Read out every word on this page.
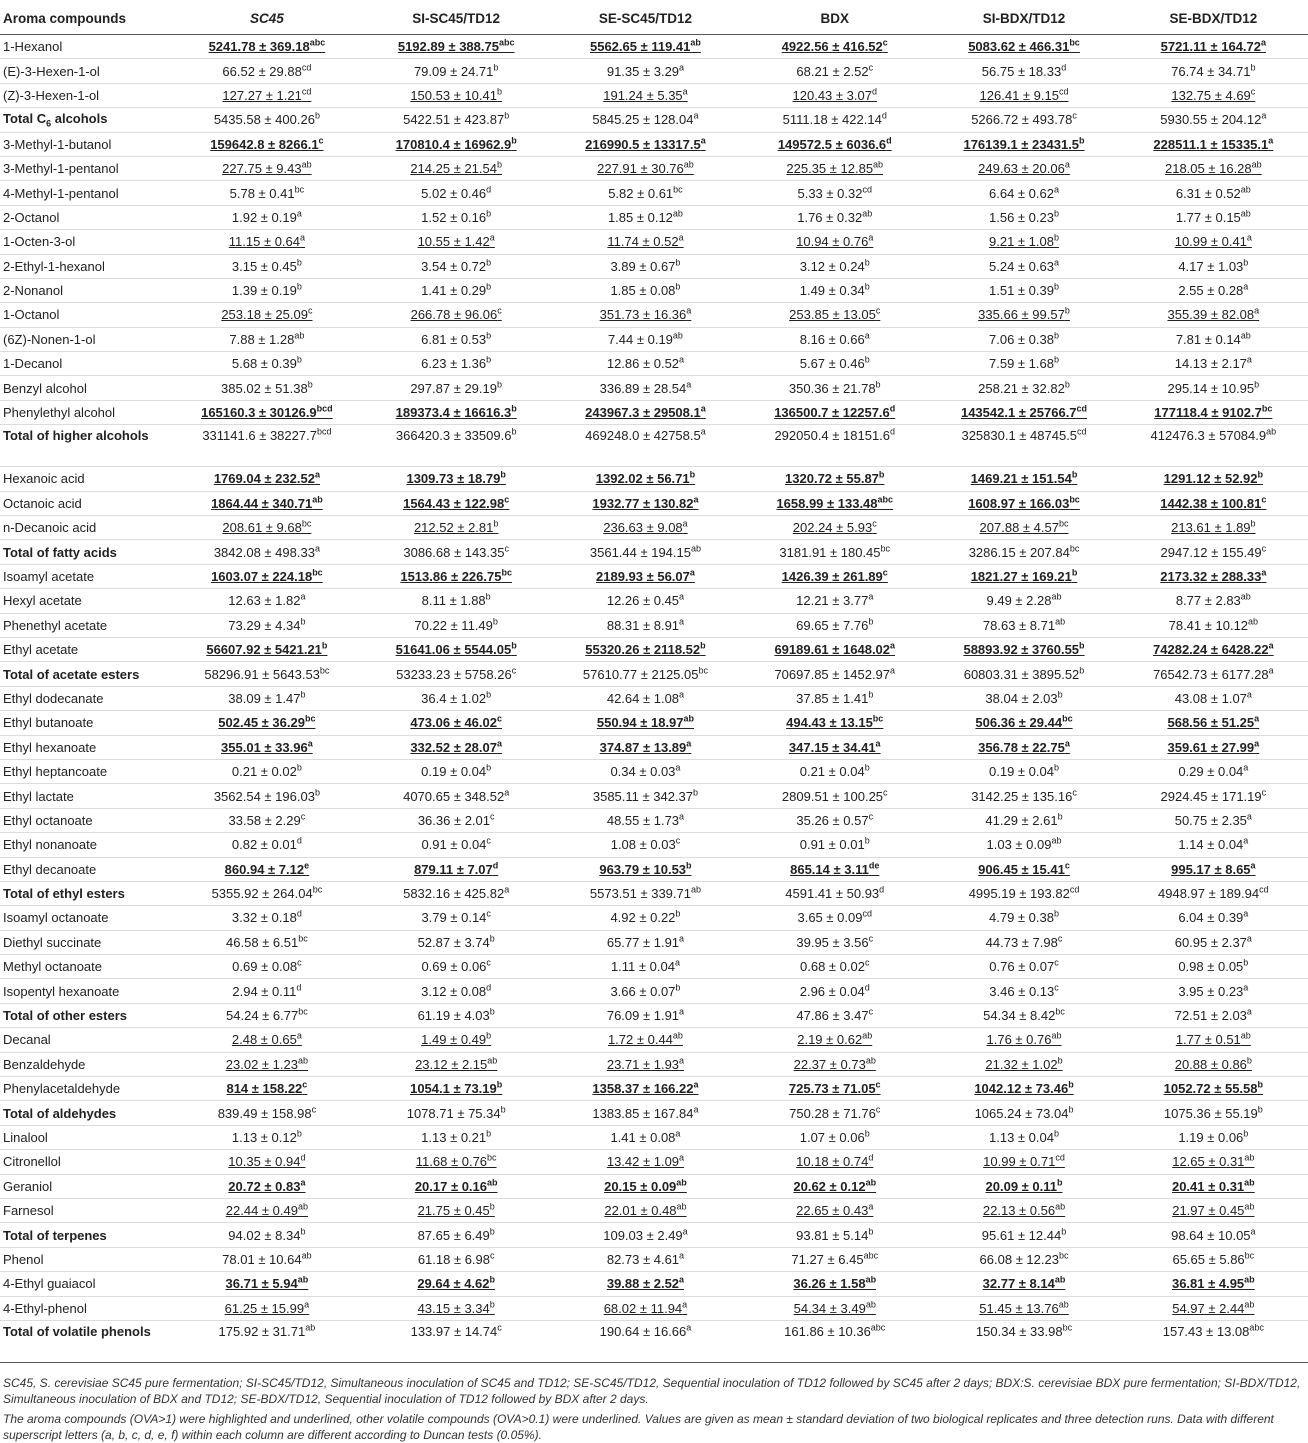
Aroma compounds	SC45	SI-SC45/TD12	SE-SC45/TD12	BDX	SI-BDX/TD12	SE-BDX/TD12
1-Hexanol	5241.78 ± 369.18$^{abc}$	5192.89 ± 388.75$^{abc}$	5562.65 ± 119.41$^{ab}$	4922.56 ± 416.52$^c$	5083.62 ± 466.31$^{bc}$	5721.11 ± 164.72$^a$
(E)-3-Hexen-1-ol	66.52 ± 29.88$^{cd}$	79.09 ± 24.71$^b$	91.35 ± 3.29$^a$	68.21 ± 2.52$^c$	56.75 ± 18.33$^d$	76.74 ± 34.71$^b$
(Z)-3-Hexen-1-ol	127.27 ± 1.21$^{cd}$	150.53 ± 10.41$^b$	191.24 ± 5.35$^a$	120.43 ± 3.07$^d$	126.41 ± 9.15$^{cd}$	132.75 ± 4.69$^c$
Total $C_6$ alcohols	5435.58 ± 400.26$^b$	5422.51 ± 423.87$^b$	5845.25 ± 128.04$^a$	5111.18 ± 422.14$^d$	5266.72 ± 493.78$^c$	5930.55 ± 204.12$^a$
3-Methyl-1-butanol	159642.8 ± 8266.1$^c$	170810.4 ± 16962.9$^b$	216990.5 ± 13317.5$^a$	149572.5 ± 6036.6$^d$	176139.1 ± 23431.5$^b$	228511.1 ± 15335.1$^a$
3-Methyl-1-pentanol	227.75 ± 9.43$^{ab}$	214.25 ± 21.54$^b$	227.91 ± 30.76$^{ab}$	225.35 ± 12.85$^{ab}$	249.63 ± 20.06$^a$	218.05 ± 16.28$^{ab}$
4-Methyl-1-pentanol	5.78 ± 0.41$^{bc}$	5.02 ± 0.46$^d$	5.82 ± 0.61$^{bc}$	5.33 ± 0.32$^{cd}$	6.64 ± 0.62$^a$	6.31 ± 0.52$^{ab}$
2-Octanol	1.92 ± 0.19$^a$	1.52 ± 0.16$^b$	1.85 ± 0.12$^{ab}$	1.76 ± 0.32$^{ab}$	1.56 ± 0.23$^b$	1.77 ± 0.15$^{ab}$
1-Octen-3-ol	11.15 ± 0.64$^a$	10.55 ± 1.42$^a$	11.74 ± 0.52$^a$	10.94 ± 0.76$^a$	9.21 ± 1.08$^b$	10.99 ± 0.41$^a$
2-Ethyl-1-hexanol	3.15 ± 0.45$^b$	3.54 ± 0.72$^b$	3.89 ± 0.67$^b$	3.12 ± 0.24$^b$	5.24 ± 0.63$^a$	4.17 ± 1.03$^b$
2-Nonanol	1.39 ± 0.19$^b$	1.41 ± 0.29$^b$	1.85 ± 0.08$^b$	1.49 ± 0.34$^b$	1.51 ± 0.39$^b$	2.55 ± 0.28$^a$
1-Octanol	253.18 ± 25.09$^c$	266.78 ± 96.06$^c$	351.73 ± 16.36$^a$	253.85 ± 13.05$^c$	335.66 ± 99.57$^b$	355.39 ± 82.08$^a$
(6Z)-Nonen-1-ol	7.88 ± 1.28$^{ab}$	6.81 ± 0.53$^b$	7.44 ± 0.19$^{ab}$	8.16 ± 0.66$^a$	7.06 ± 0.38$^b$	7.81 ± 0.14$^{ab}$
1-Decanol	5.68 ± 0.39$^b$	6.23 ± 1.36$^b$	12.86 ± 0.52$^a$	5.67 ± 0.46$^b$	7.59 ± 1.68$^b$	14.13 ± 2.17$^a$
Benzyl alcohol	385.02 ± 51.38$^b$	297.87 ± 29.19$^b$	336.89 ± 28.54$^a$	350.36 ± 21.78$^b$	258.21 ± 32.82$^b$	295.14 ± 10.95$^b$
Phenylethyl alcohol	165160.3 ± 30126.9$^{bcd}$	189373.4 ± 16616.3$^b$	243967.3 ± 29508.1$^a$	136500.7 ± 12257.6$^d$	143542.1 ± 25766.7$^{cd}$	177118.4 ± 9102.7$^{bc}$
Total of higher alcohols	331141.6 ± 38227.7$^{bcd}$	366420.3 ± 33509.6$^b$	469248.0 ± 42758.5$^a$	292050.4 ± 18151.6$^d$	325830.1 ± 48745.5$^{cd}$	412476.3 ± 57084.9$^{ab}$
Hexanoic acid	1769.04 ± 232.52$^a$	1309.73 ± 18.79$^b$	1392.02 ± 56.71$^b$	1320.72 ± 55.87$^b$	1469.21 ± 151.54$^b$	1291.12 ± 52.92$^b$
Octanoic acid	1864.44 ± 340.71$^{ab}$	1564.43 ± 122.98$^c$	1932.77 ± 130.82$^a$	1658.99 ± 133.48$^{abc}$	1608.97 ± 166.03$^{bc}$	1442.38 ± 100.81$^c$
n-Decanoic acid	208.61 ± 9.68$^{bc}$	212.52 ± 2.81$^b$	236.63 ± 9.08$^a$	202.24 ± 5.93$^c$	207.88 ± 4.57$^{bc}$	213.61 ± 1.89$^b$
Total of fatty acids	3842.08 ± 498.33$^a$	3086.68 ± 143.35$^c$	3561.44 ± 194.15$^{ab}$	3181.91 ± 180.45$^{bc}$	3286.15 ± 207.84$^{bc}$	2947.12 ± 155.49$^c$
Isoamyl acetate	1603.07 ± 224.18$^{bc}$	1513.86 ± 226.75$^{bc}$	2189.93 ± 56.07$^a$	1426.39 ± 261.89$^c$	1821.27 ± 169.21$^b$	2173.32 ± 288.33$^a$
Hexyl acetate	12.63 ± 1.82$^a$	8.11 ± 1.88$^b$	12.26 ± 0.45$^a$	12.21 ± 3.77$^a$	9.49 ± 2.28$^{ab}$	8.77 ± 2.83$^{ab}$
Phenethyl acetate	73.29 ± 4.34$^b$	70.22 ± 11.49$^b$	88.31 ± 8.91$^a$	69.65 ± 7.76$^b$	78.63 ± 8.71$^{ab}$	78.41 ± 10.12$^{ab}$
Ethyl acetate	56607.92 ± 5421.21$^b$	51641.06 ± 5544.05$^b$	55320.26 ± 2118.52$^b$	69189.61 ± 1648.02$^a$	58893.92 ± 3760.55$^b$	74282.24 ± 6428.22$^a$
Total of acetate esters	58296.91 ± 5643.53$^{bc}$	53233.23 ± 5758.26$^c$	57610.77 ± 2125.05$^{bc}$	70697.85 ± 1452.97$^a$	60803.31 ± 3895.52$^b$	76542.73 ± 6177.28$^a$
Ethyl dodecanate	38.09 ± 1.47$^b$	36.4 ± 1.02$^b$	42.64 ± 1.08$^a$	37.85 ± 1.41$^b$	38.04 ± 2.03$^b$	43.08 ± 1.07$^a$
Ethyl butanoate	502.45 ± 36.29$^{bc}$	473.06 ± 46.02$^c$	550.94 ± 18.97$^{ab}$	494.43 ± 13.15$^{bc}$	506.36 ± 29.44$^{bc}$	568.56 ± 51.25$^a$
Ethyl hexanoate	355.01 ± 33.96$^a$	332.52 ± 28.07$^a$	374.87 ± 13.89$^a$	347.15 ± 34.41$^a$	356.78 ± 22.75$^a$	359.61 ± 27.99$^a$
Ethyl heptancoate	0.21 ± 0.02$^b$	0.19 ± 0.04$^b$	0.34 ± 0.03$^a$	0.21 ± 0.04$^b$	0.19 ± 0.04$^b$	0.29 ± 0.04$^a$
Ethyl lactate	3562.54 ± 196.03$^b$	4070.65 ± 348.52$^a$	3585.11 ± 342.37$^b$	2809.51 ± 100.25$^c$	3142.25 ± 135.16$^c$	2924.45 ± 171.19$^c$
Ethyl octanoate	33.58 ± 2.29$^c$	36.36 ± 2.01$^c$	48.55 ± 1.73$^a$	35.26 ± 0.57$^c$	41.29 ± 2.61$^b$	50.75 ± 2.35$^a$
Ethyl nonanoate	0.82 ± 0.01$^d$	0.91 ± 0.04$^c$	1.08 ± 0.03$^c$	0.91 ± 0.01$^b$	1.03 ± 0.09$^{ab}$	1.14 ± 0.04$^a$
Ethyl decanoate	860.94 ± 7.12$^e$	879.11 ± 7.07$^d$	963.79 ± 10.53$^b$	865.14 ± 3.11de	906.45 ± 15.41$^c$	995.17 ± 8.65$^a$
Total of ethyl esters	5355.92 ± 264.04$^{bc}$	5832.16 ± 425.82$^a$	5573.51 ± 339.71$^{ab}$	4591.41 ± 50.93$^d$	4995.19 ± 193.82$^{cd}$	4948.97 ± 189.94$^{cd}$
Isoamyl octanoate	3.32 ± 0.18$^d$	3.79 ± 0.14$^c$	4.92 ± 0.22$^b$	3.65 ± 0.09$^{cd}$	4.79 ± 0.38$^b$	6.04 ± 0.39$^a$
Diethyl succinate	46.58 ± 6.51$^{bc}$	52.87 ± 3.74$^b$	65.77 ± 1.91$^a$	39.95 ± 3.56$^c$	44.73 ± 7.98$^c$	60.95 ± 2.37$^a$
Methyl octanoate	0.69 ± 0.08$^c$	0.69 ± 0.06$^c$	1.11 ± 0.04$^a$	0.68 ± 0.02$^c$	0.76 ± 0.07$^c$	0.98 ± 0.05$^b$
Isopentyl hexanoate	2.94 ± 0.11$^d$	3.12 ± 0.08$^d$	3.66 ± 0.07$^b$	2.96 ± 0.04$^d$	3.46 ± 0.13$^c$	3.95 ± 0.23$^a$
Total of other esters	54.24 ± 6.77$^{bc}$	61.19 ± 4.03$^b$	76.09 ± 1.91$^a$	47.86 ± 3.47$^c$	54.34 ± 8.42$^{bc}$	72.51 ± 2.03$^a$
Decanal	2.48 ± 0.65$^a$	1.49 ± 0.49$^b$	1.72 ± 0.44$^{ab}$	2.19 ± 0.62$^{ab}$	1.76 ± 0.76$^{ab}$	1.77 ± 0.51$^{ab}$
Benzaldehyde	23.02 ± 1.23$^{ab}$	23.12 ± 2.15$^{ab}$	23.71 ± 1.93$^a$	22.37 ± 0.73$^{ab}$	21.32 ± 1.02$^b$	20.88 ± 0.86$^b$
Phenylacetaldehyde	814 ± 158.22$^c$	1054.1 ± 73.19$^b$	1358.37 ± 166.22$^a$	725.73 ± 71.05$^c$	1042.12 ± 73.46$^b$	1052.72 ± 55.58$^b$
Total of aldehydes	839.49 ± 158.98$^c$	1078.71 ± 75.34$^b$	1383.85 ± 167.84$^a$	750.28 ± 71.76$^c$	1065.24 ± 73.04$^b$	1075.36 ± 55.19$^b$
Linalool	1.13 ± 0.12$^b$	1.13 ± 0.21$^b$	1.41 ± 0.08$^a$	1.07 ± 0.06$^b$	1.13 ± 0.04$^b$	1.19 ± 0.06$^b$
Citronellol	10.35 ± 0.94$^d$	11.68 ± 0.76$^{bc}$	13.42 ± 1.09$^a$	10.18 ± 0.74$^d$	10.99 ± 0.71$^{cd}$	12.65 ± 0.31$^{ab}$
Geraniol	20.72 ± 0.83$^a$	20.17 ± 0.16$^{ab}$	20.15 ± 0.09$^{ab}$	20.62 ± 0.12$^{ab}$	20.09 ± 0.11$^b$	20.41 ± 0.31$^{ab}$
Farnesol	22.44 ± 0.49$^{ab}$	21.75 ± 0.45$^b$	22.01 ± 0.48$^{ab}$	22.65 ± 0.43$^a$	22.13 ± 0.56$^{ab}$	21.97 ± 0.45$^{ab}$
Total of terpenes	94.02 ± 8.34$^b$	87.65 ± 6.49$^b$	109.03 ± 2.49$^a$	93.81 ± 5.14$^b$	95.61 ± 12.44$^b$	98.64 ± 10.05$^a$
Phenol	78.01 ± 10.64$^{ab}$	61.18 ± 6.98$^c$	82.73 ± 4.61$^a$	71.27 ± 6.45$^{abc}$	66.08 ± 12.23$^{bc}$	65.65 ± 5.86$^{bc}$
4-Ethyl guaiacol	36.71 ± 5.94$^{ab}$	29.64 ± 4.62$^b$	39.88 ± 2.52$^a$	36.26 ± 1.58$^{ab}$	32.77 ± 8.14$^{ab}$	36.81 ± 4.95$^{ab}$
4-Ethyl-phenol	61.25 ± 15.99$^a$	43.15 ± 3.34$^b$	68.02 ± 11.94$^a$	54.34 ± 3.49$^{ab}$	51.45 ± 13.76$^{ab}$	54.97 ± 2.44$^{ab}$
Total of volatile phenols	175.92 ± 31.71$^{ab}$	133.97 ± 14.74$^c$	190.64 ± 16.66$^a$	161.86 ± 10.36$^{abc}$	150.34 ± 33.98$^{bc}$	157.43 ± 13.08$^{abc}$

SC45, S. cerevisiae SC45 pure fermentation; SI-SC45/TD12, Simultaneous inoculation of SC45 and TD12; SE-SC45/TD12, Sequential inoculation of TD12 followed by SC45 after 2 days; BDX:S. cerevisiae BDX pure fermentation; SI-BDX/TD12, Simultaneous inoculation of BDX and TD12; SE-BDX/TD12, Sequential inoculation of TD12 followed by BDX after 2 days.

The aroma compounds (OVA>1) were highlighted and underlined, other volatile compounds (OVA>0.1) were underlined. Values are given as mean ± standard deviation of two biological replicates and three detection runs. Data with different superscript letters (a, b, c, d, e, f) within each column are different according to Duncan tests (0.05%).
